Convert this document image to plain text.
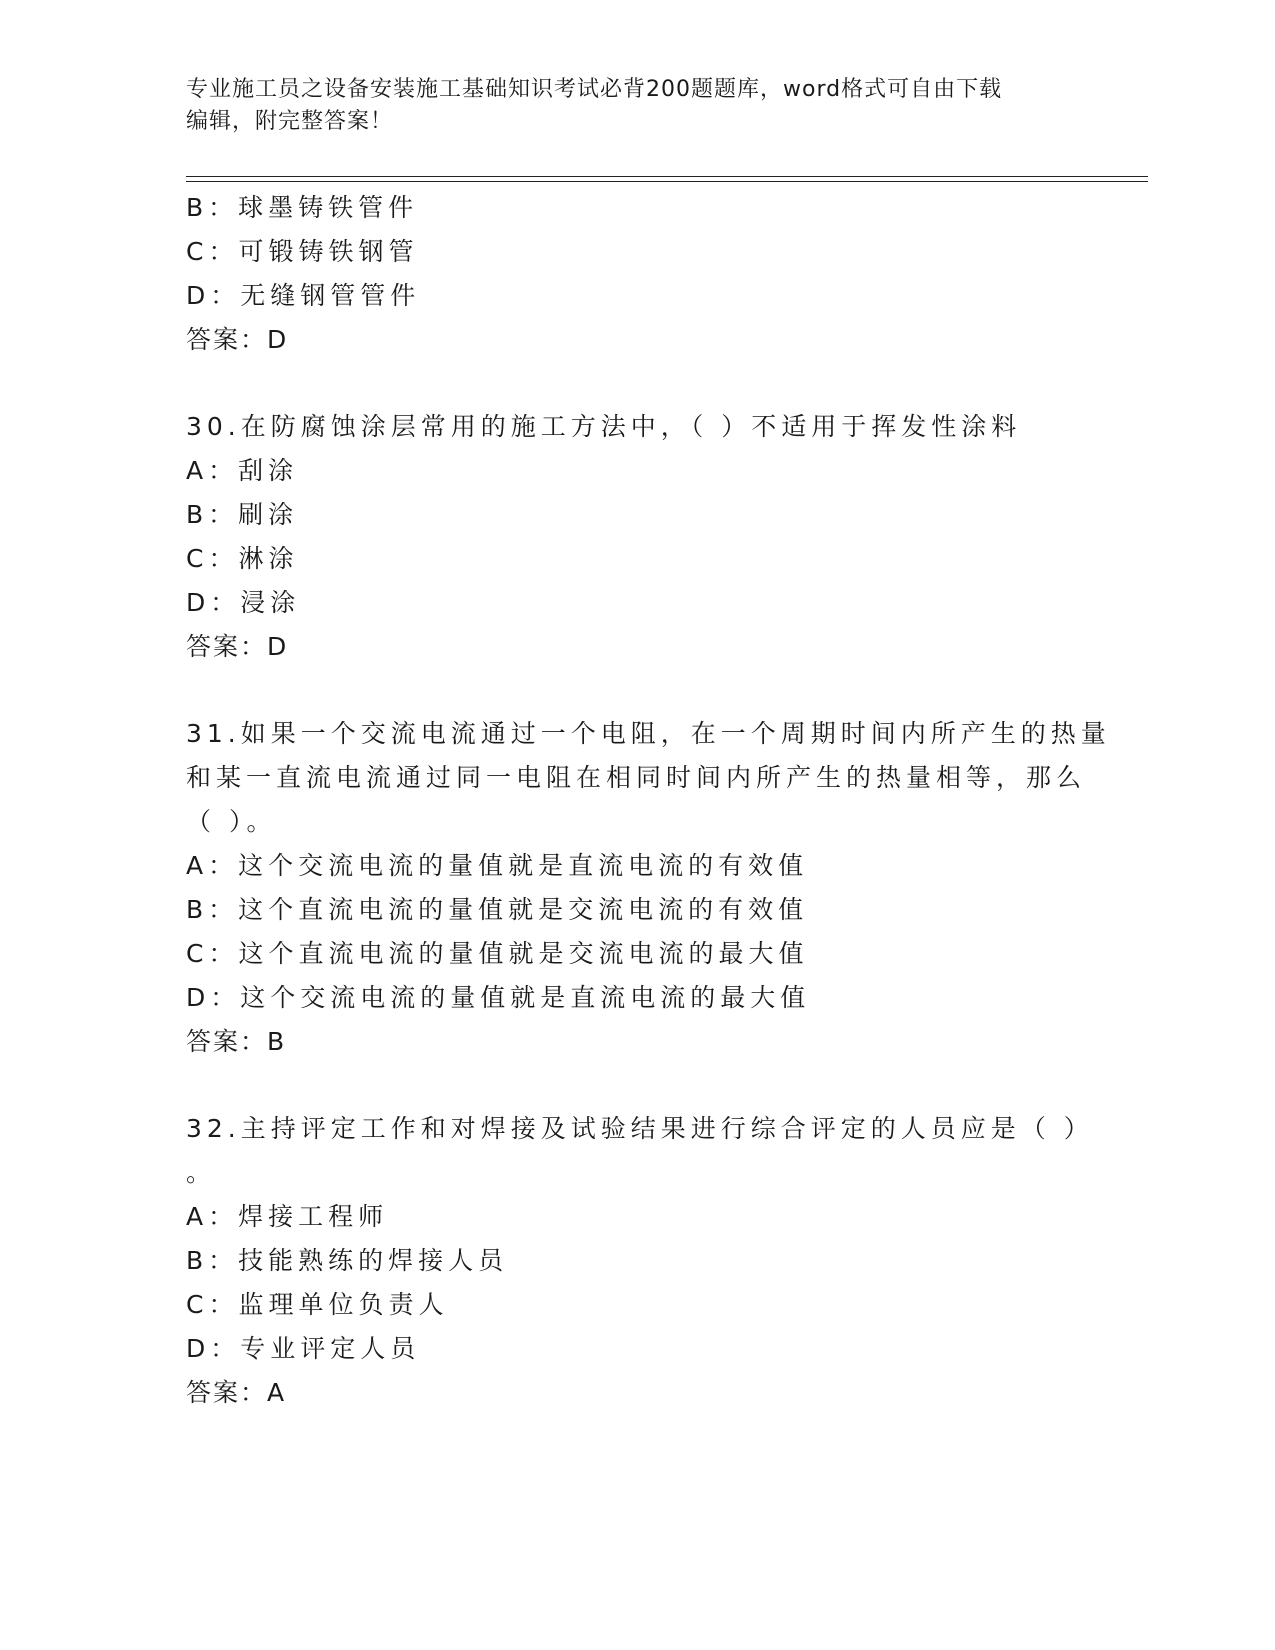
专业施工员之设备安装施工基础知识考试必背200题题库，word格式可自由下载
编辑，附完整答案！
B：球墨铸铁管件
C：可锻铸铁钢管
D：无缝钢管管件
答案：D
30.在防腐蚀涂层常用的施工方法中，（ ）不适用于挥发性涂料
A：刮涂
B：刷涂
C：淋涂
D：浸涂
答案：D
31.如果一个交流电流通过一个电阻，在一个周期时间内所产生的热量
和某一直流电流通过同一电阻在相同时间内所产生的热量相等，那么
（ ）。
A：这个交流电流的量值就是直流电流的有效值
B：这个直流电流的量值就是交流电流的有效值
C：这个直流电流的量值就是交流电流的最大值
D：这个交流电流的量值就是直流电流的最大值
答案：B
32.主持评定工作和对焊接及试验结果进行综合评定的人员应是（ ）
。
A：焊接工程师
B：技能熟练的焊接人员
C：监理单位负责人
D：专业评定人员
答案：A
